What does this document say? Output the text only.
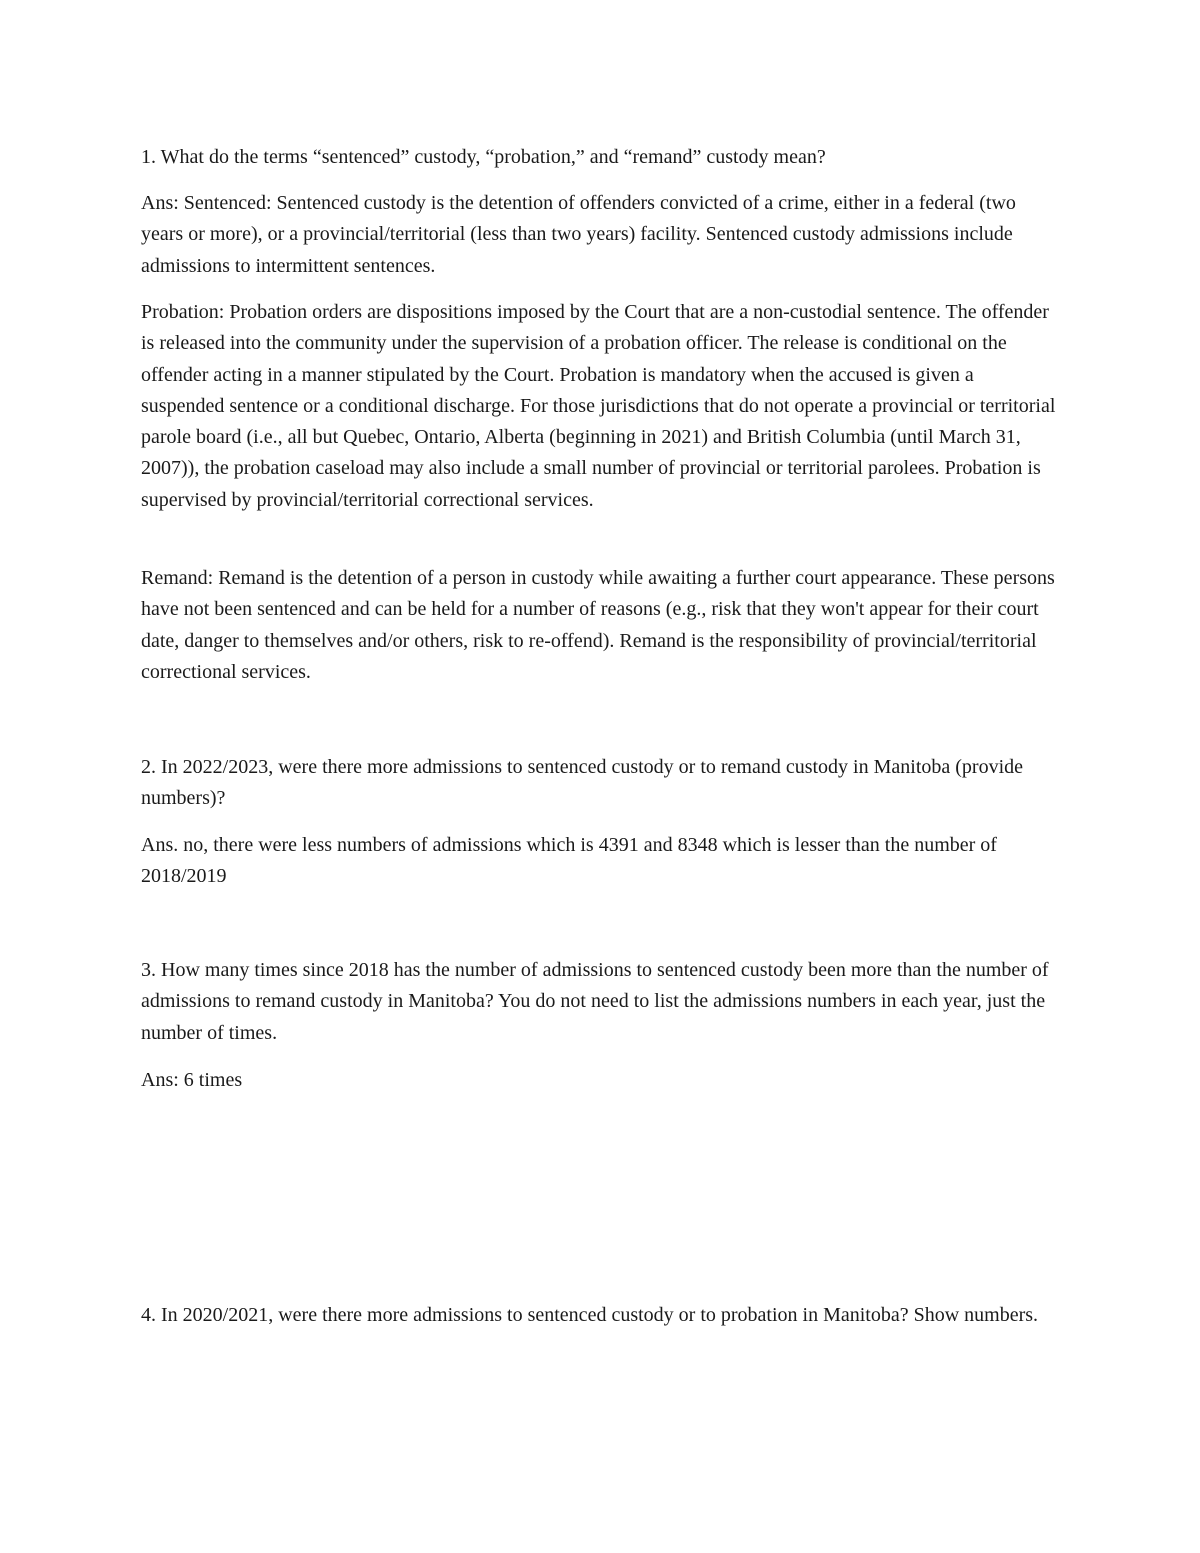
1. What do the terms “sentenced” custody, “probation,” and “remand” custody mean?

Ans: Sentenced: Sentenced custody is the detention of offenders convicted of a crime, either in a federal (two years or more), or a provincial/territorial (less than two years) facility. Sentenced custody admissions include admissions to intermittent sentences.

Probation: Probation orders are dispositions imposed by the Court that are a non-custodial sentence. The offender is released into the community under the supervision of a probation officer. The release is conditional on the offender acting in a manner stipulated by the Court. Probation is mandatory when the accused is given a suspended sentence or a conditional discharge. For those jurisdictions that do not operate a provincial or territorial parole board (i.e., all but Quebec, Ontario, Alberta (beginning in 2021) and British Columbia (until March 31, 2007)), the probation caseload may also include a small number of provincial or territorial parolees. Probation is supervised by provincial/territorial correctional services.

Remand: Remand is the detention of a person in custody while awaiting a further court appearance. These persons have not been sentenced and can be held for a number of reasons (e.g., risk that they won't appear for their court date, danger to themselves and/or others, risk to re-offend). Remand is the responsibility of provincial/territorial correctional services.

2. In 2022/2023, were there more admissions to sentenced custody or to remand custody in Manitoba (provide numbers)?

Ans. no, there were less numbers of admissions which is 4391 and 8348 which is lesser than the number of 2018/2019

3. How many times since 2018 has the number of admissions to sentenced custody been more than the number of admissions to remand custody in Manitoba? You do not need to list the admissions numbers in each year, just the number of times.

Ans: 6 times

4. In 2020/2021, were there more admissions to sentenced custody or to probation in Manitoba? Show numbers.
